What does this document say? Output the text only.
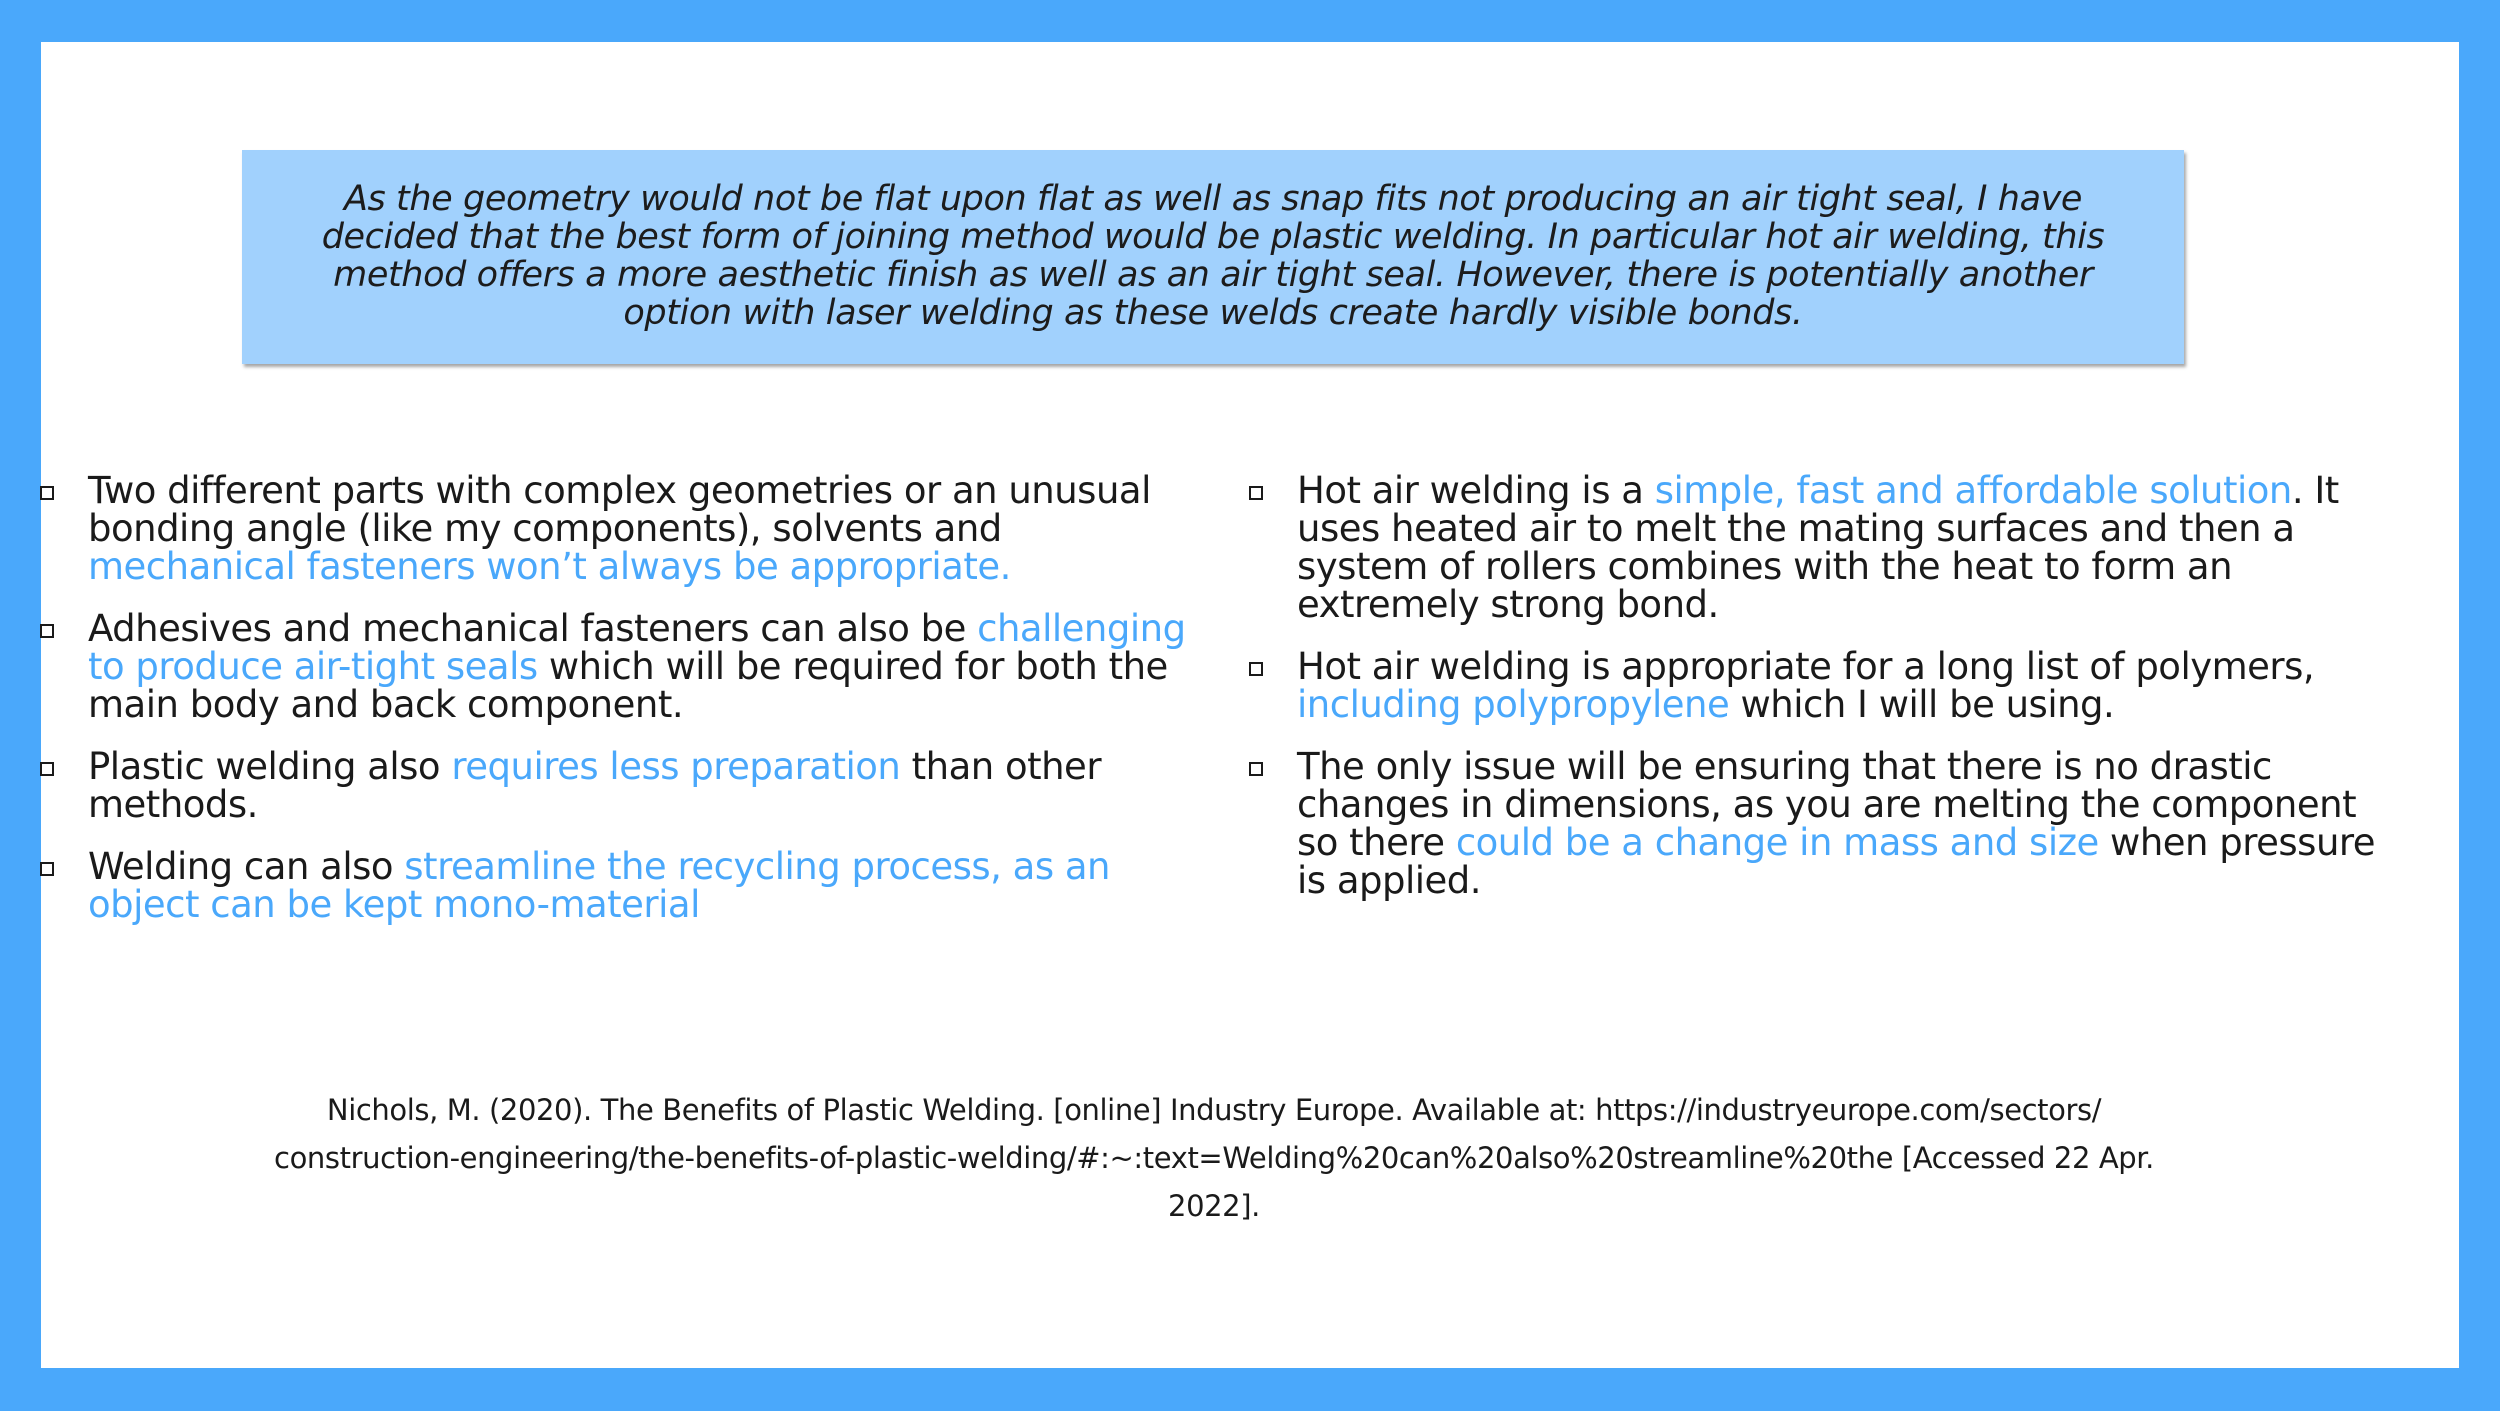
As the geometry would not be flat upon flat as well as snap fits not producing an air tight seal, I have
decided that the best form of joining method would be plastic welding. In particular hot air welding, this
method offers a more aesthetic finish as well as an air tight seal. However, there is potentially another
option with laser welding as these welds create hardly visible bonds.
Two different parts with complex geometries or an unusual
bonding angle (like my components), solvents and
mechanical fasteners won’t always be appropriate.
Adhesives and mechanical fasteners can also be challenging
to produce air-tight seals which will be required for both the
main body and back component.
Plastic welding also requires less preparation than other
methods.
Welding can also streamline the recycling process, as an
object can be kept mono-material
Hot air welding is a simple, fast and affordable solution. It
uses heated air to melt the mating surfaces and then a
system of rollers combines with the heat to form an
extremely strong bond.
Hot air welding is appropriate for a long list of polymers,
including polypropylene which I will be using.
The only issue will be ensuring that there is no drastic
changes in dimensions, as you are melting the component
so there could be a change in mass and size when pressure
is applied.
Nichols, M. (2020). The Benefits of Plastic Welding. [online] Industry Europe. Available at: https://industryeurope.com/sectors/
construction-engineering/the-benefits-of-plastic-welding/#:~:text=Welding%20can%20also%20streamline%20the [Accessed 22 Apr.
2022].
